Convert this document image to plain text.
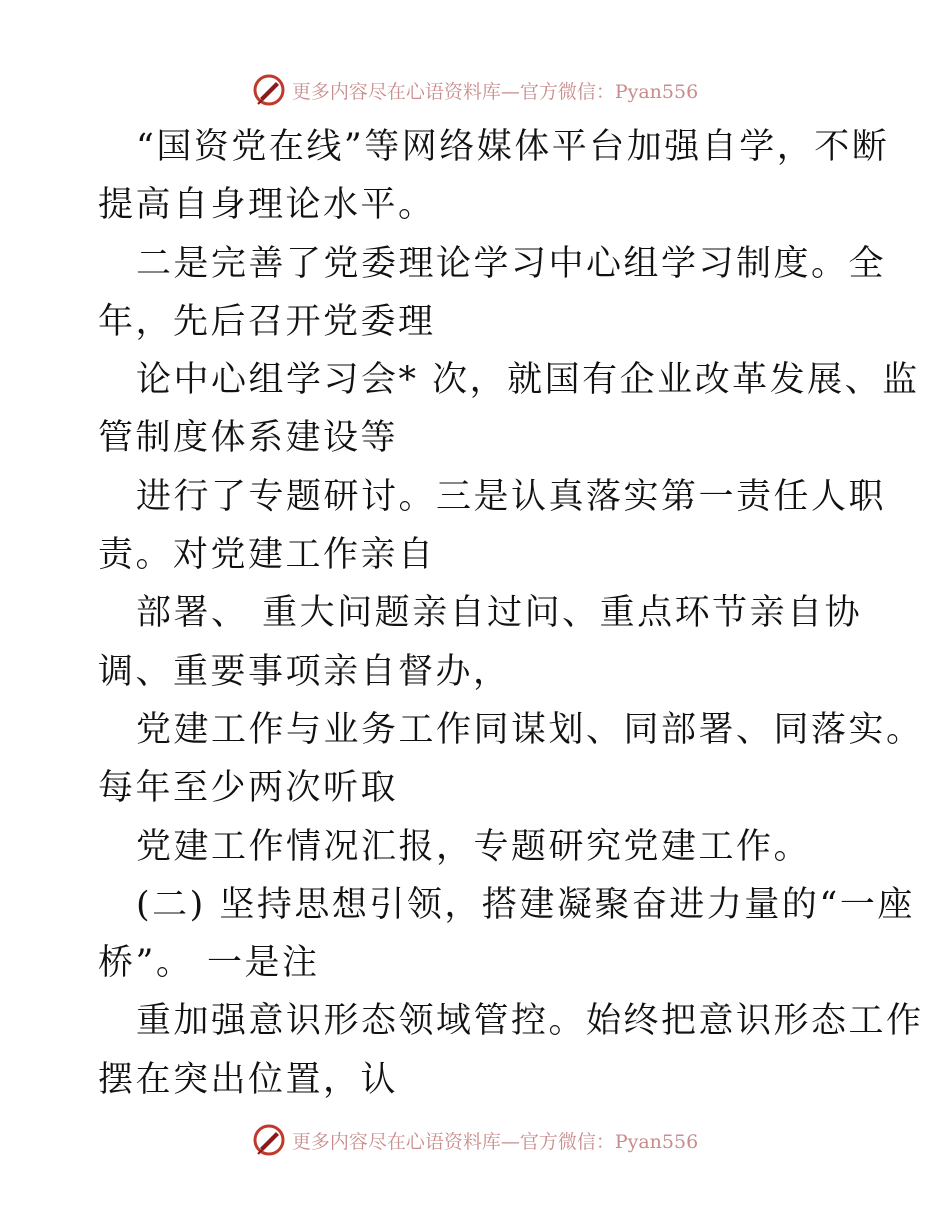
更多内容尽在心语资料库—官方微信：Pyan556
“国资党在线”等网络媒体平台加强自学，不断
提高自身理论水平。
二是完善了党委理论学习中心组学习制度。全
年，先后召开党委理
论中心组学习会* 次，就国有企业改革发展、监
管制度体系建设等
进行了专题研讨。三是认真落实第一责任人职
责。对党建工作亲自
部署、 重大问题亲自过问、重点环节亲自协
调、重要事项亲自督办，
党建工作与业务工作同谋划、同部署、同落实。
每年至少两次听取
党建工作情况汇报，专题研究党建工作。
(二) 坚持思想引领，搭建凝聚奋进力量的“一座
桥”。 一是注
重加强意识形态领域管控。始终把意识形态工作
摆在突出位置，认
更多内容尽在心语资料库—官方微信：Pyan556
